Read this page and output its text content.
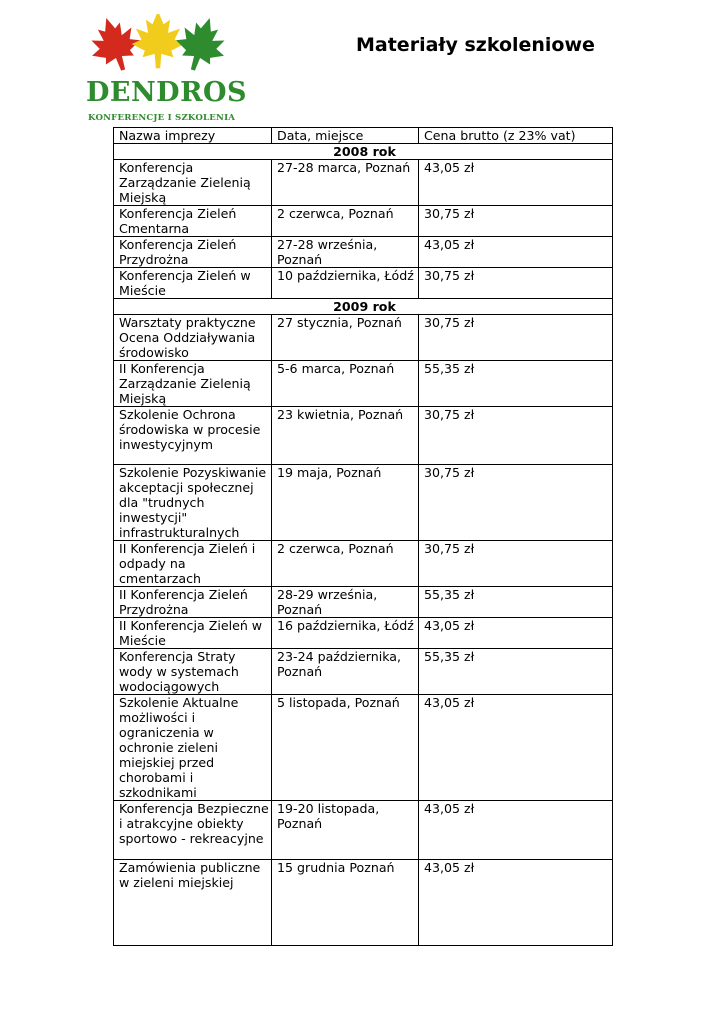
DENDROS
KONFERENCJE I SZKOLENIA
Materiały szkoleniowe
Nazwa imprezy	Data, miejsce	Cena brutto (z 23% vat)
2008 rok		
Konferencja Zarządzanie Zielenią Miejską	27-28 marca, Poznań	43,05 zł
Konferencja Zieleń Cmentarna	2 czerwca, Poznań	30,75 zł
Konferencja Zieleń Przydrożna	27-28 września, Poznań	43,05 zł
Konferencja Zieleń w Mieście	10 października, Łódź	30,75 zł
2009 rok		
Warsztaty praktyczne Ocena Oddziaływania środowisko	27 stycznia, Poznań	30,75 zł
II Konferencja Zarządzanie Zielenią Miejską	5-6 marca, Poznań	55,35 zł
Szkolenie Ochrona środowiska w procesie inwestycyjnym	23 kwietnia, Poznań	30,75 zł
Szkolenie Pozyskiwanie akceptacji społecznej dla "trudnych inwestycji" infrastrukturalnych	19 maja, Poznań	30,75 zł
II Konferencja Zieleń i odpady na cmentarzach	2 czerwca, Poznań	30,75 zł
II Konferencja Zieleń Przydrożna	28-29 września, Poznań	55,35 zł
II Konferencja Zieleń w Mieście	16 października, Łódź	43,05 zł
Konferencja Straty wody w systemach wodociągowych	23-24 października, Poznań	55,35 zł
Szkolenie Aktualne możliwości i ograniczenia w ochronie zieleni miejskiej przed chorobami i szkodnikami	5 listopada, Poznań	43,05 zł
Konferencja Bezpieczne i atrakcyjne obiekty sportowo - rekreacyjne	19-20 listopada, Poznań	43,05 zł
Zamówienia publiczne w zieleni miejskiej	15 grudnia Poznań	43,05 zł
